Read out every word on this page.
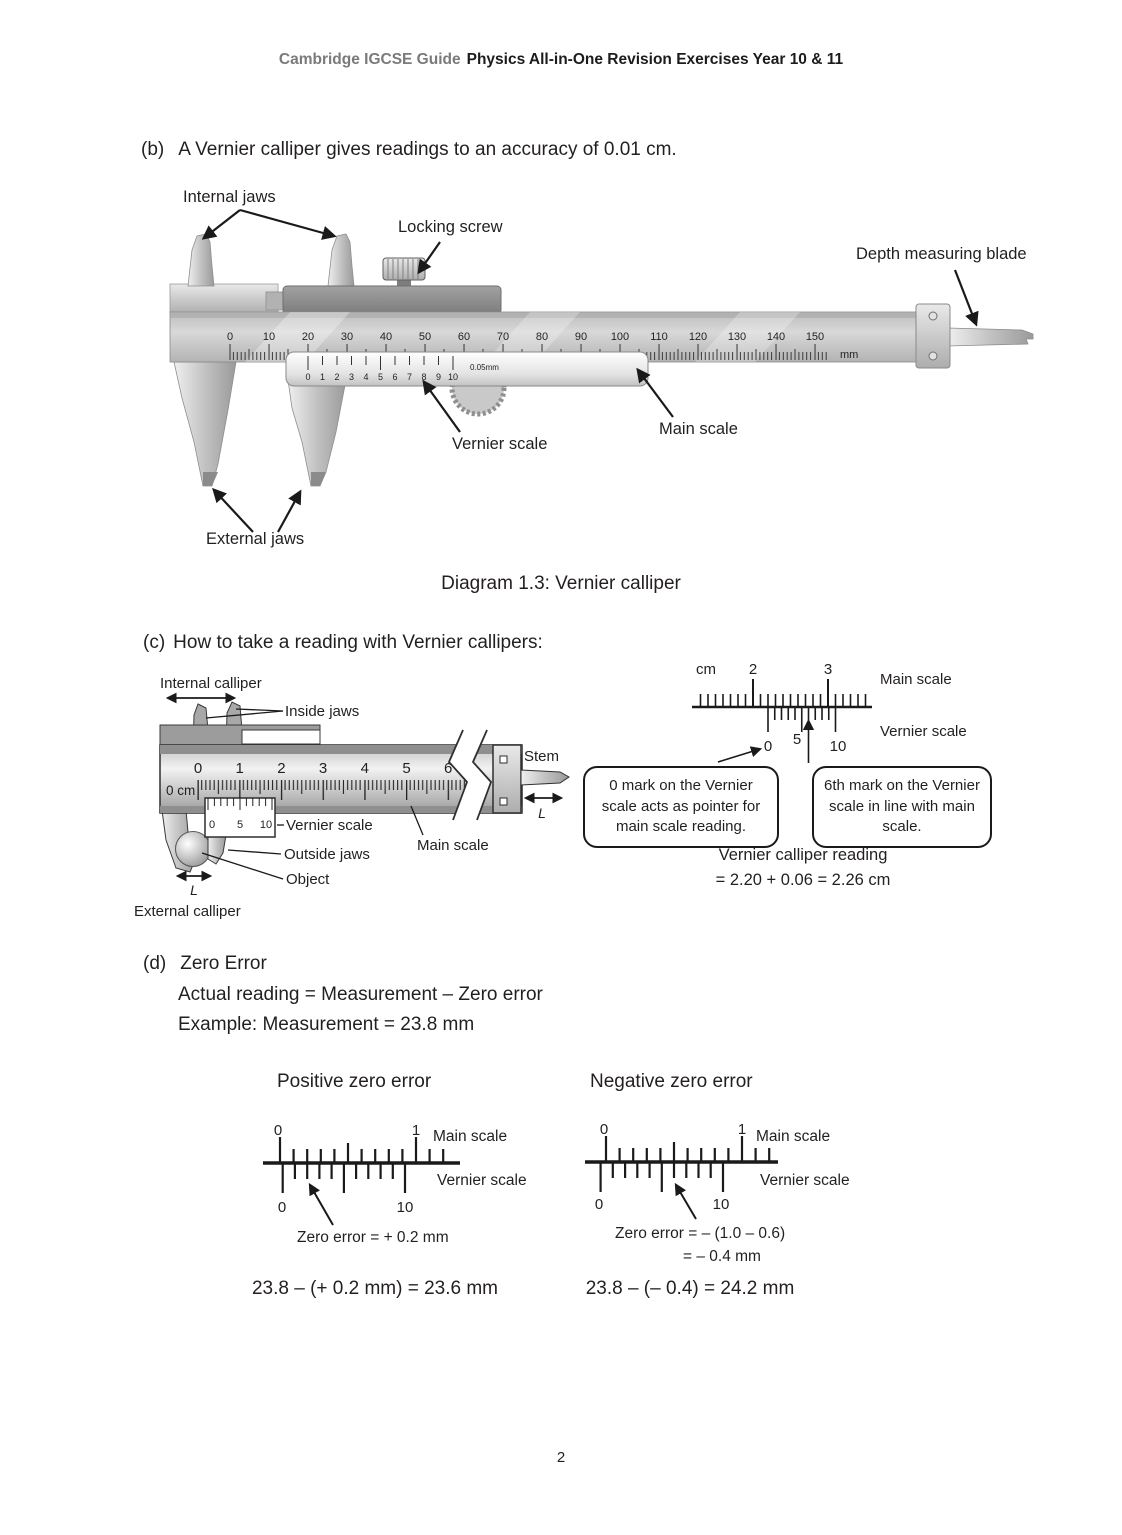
Cambridge IGCSE Guide Physics All-in-One Revision Exercises Year 10 & 11
(b) A Vernier calliper gives readings to an accuracy of 0.01 cm.
0	10 20 30 40 50 60 70 80 90 100 110 120 130 140 150
mm
0 1 2 3 4 5 6 7 8 9 10
0.05mm
Internal jaws
Locking screw
Depth measuring blade
Vernier scale
Main scale
External jaws
Diagram 1.3: Vernier calliper
(c) How to take a reading with Vernier callipers:
0 1 2 3 4 5 6
0 cm
Stem
L
0 5 10
Internal calliper
Inside jaws
Vernier scale
Main scale
Outside jaws
Object
L
External calliper
cm 2	3
Main scale
Vernier scale
0 5 10
0 mark on the Vernier scale acts as pointer for main scale reading.
6th mark on the Vernier scale in line with main scale.
Vernier calliper reading
= 2.20 + 0.06 = 2.26 cm
(d) Zero Error
Actual reading = Measurement – Zero error
Example: Measurement = 23.8 mm
Positive zero error	Negative zero error
0	1 Main scale
Vernier scale
0	10
Zero error = + 0.2 mm
0	1 Main scale
Vernier scale
0	10
Zero error = – (1.0 – 0.6)
= – 0.4 mm
23.8 – (+ 0.2 mm) = 23.6 mm	23.8 – (– 0.4) = 24.2 mm
2
